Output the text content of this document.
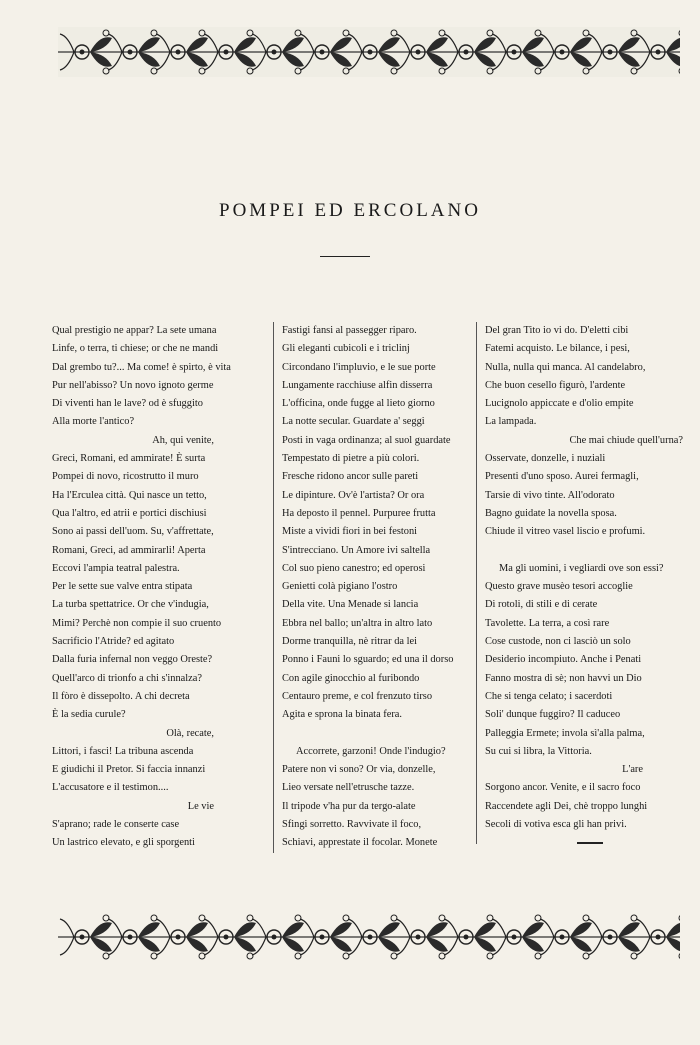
POMPEI ED ERCOLANO
Qual prestigio ne appar? La sete umana
Linfe, o terra, ti chiese; or che ne mandi
Dal grembo tu?... Ma come! è spirto, è vita
Pur nell'abisso? Un novo ignoto germe
Di viventi han le lave? od è sfuggito
Alla morte l'antico?
Ah, qui venite,
Greci, Romani, ed ammirate! È surta
Pompei di novo, ricostrutto il muro
Ha l'Erculea città. Qui nasce un tetto,
Qua l'altro, ed atrii e portici dischiusi
Sono ai passi dell'uom. Su, v'affrettate,
Romani, Greci, ad ammirarli! Aperta
Eccovi l'ampia teatral palestra.
Per le sette sue valve entra stipata
La turba spettatrice. Or che v'indugia,
Mimi? Perchè non compie il suo cruento
Sacrificio l'Atride? ed agitato
Dalla furia infernal non veggo Oreste?
Quell'arco di trionfo a chi s'innalza?
Il fòro è dissepolto. A chi decreta
È la sedia curule?
Olà, recate,
Littori, i fasci! La tribuna ascenda
E giudichi il Pretor. Si faccia innanzi
L'accusatore e il testimon....
Le vie
S'aprano; rade le conserte case
Un lastrico elevato, e gli sporgenti
Fastigi fansi al passegger riparo.
Gli eleganti cubicoli e i triclinj
Circondano l'impluvio, e le sue porte
Lungamente racchiuse alfin disserra
L'officina, onde fugge al lieto giorno
La notte secular. Guardate a' seggi
Posti in vaga ordinanza; al suol guardate
Tempestato di pietre a più colori.
Fresche ridono ancor sulle pareti
Le dipinture. Ov'è l'artista? Or ora
Ha deposto il pennel. Purpuree frutta
Miste a vividi fiori in bei festoni
S'intrecciano. Un Amore ivi saltella
Col suo pieno canestro; ed operosi
Genietti colà pigiano l'ostro
Della vite. Una Menade si lancia
Ebbra nel ballo; un'altra in altro lato
Dorme tranquilla, nè ritrar da lei
Ponno i Fauni lo sguardo; ed una il dorso
Con agile ginocchio al furibondo
Centauro preme, e col frenzuto tirso
Agita e sprona la binata fera.
Accorrete, garzoni! Onde l'indugio?
Patere non vi sono? Or via, donzelle,
Lieo versate nell'etrusche tazze.
Il tripode v'ha pur da tergo-alate
Sfingi sorretto. Ravvivate il foco,
Schiavi, apprestate il focolar. Monete
Del gran Tito io vi do. D'eletti cibi
Fatemi acquisto. Le bilance, i pesi,
Nulla, nulla qui manca. Al candelabro,
Che buon cesello figurò, l'ardente
Lucignolo appiccate e d'olio empite
La lampada.
Che mai chiude quell'urna?
Osservate, donzelle, i nuziali
Presenti d'uno sposo. Aurei fermagli,
Tarsie di vivo tinte. All'odorato
Bagno guidate la novella sposa.
Chiude il vitreo vasel liscio e profumi.
Ma gli uomini, i vegliardi ove son essi?
Questo grave musèo tesori accoglie
Di rotoli, di stili e di cerate
Tavolette. La terra, a così rare
Cose custode, non ci lasciò un solo
Desiderio incompiuto. Anche i Penati
Fanno mostra di sè; non havvi un Dio
Che si tenga celato; i sacerdoti
Soli' dunque fuggiro? Il caduceo
Palleggia Ermete; invola sì'alla palma,
Su cui si libra, la Vittoria.
L'are
Sorgono ancor. Venite, e il sacro foco
Raccendete agli Dei, chè troppo lunghi
Secoli di votiva esca gli han privi.
